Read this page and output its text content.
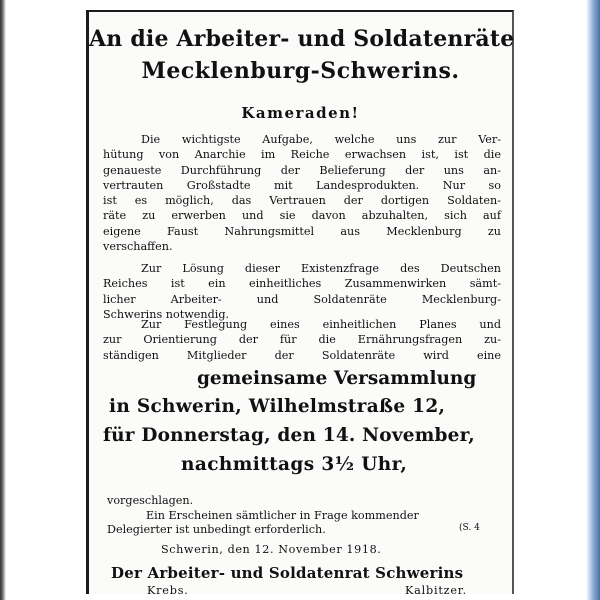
An die Arbeiter- und Soldatenräte
Mecklenburg-Schwerins.
Kameraden!
Die wichtigste Aufgabe, welche uns zur Ver-
hütung von Anarchie im Reiche erwachsen ist, ist die
genaueste Durchführung der Belieferung der uns an-
vertrauten Großstadte mit Landesprodukten. Nur so
ist es möglich, das Vertrauen der dortigen Soldaten-
räte zu erwerben und sie davon abzuhalten, sich auf
eigene Faust Nahrungsmittel aus Mecklenburg zu
verschaffen.
Zur Lösung dieser Existenzfrage des Deutschen
Reiches ist ein einheitliches Zusammenwirken sämt-
licher Arbeiter- und Soldatenräte Mecklenburg-
Schwerins notwendig.
Zur Festlegung eines einheitlichen Planes und
zur Orientierung der für die Ernährungsfragen zu-
ständigen Mitglieder der Soldatenräte wird eine
gemeinsame Versammlung
in Schwerin, Wilhelmstraße 12,
für Donnerstag, den 14. November,
nachmittags 3½ Uhr,
vorgeschlagen.
Ein Erscheinen sämtlicher in Frage kommender
Delegierter ist unbedingt erforderlich.	(S. 4
Schwerin, den 12. November 1918.
Der Arbeiter- und Soldatenrat Schwerins
Krebs.	Kalbitzer.
